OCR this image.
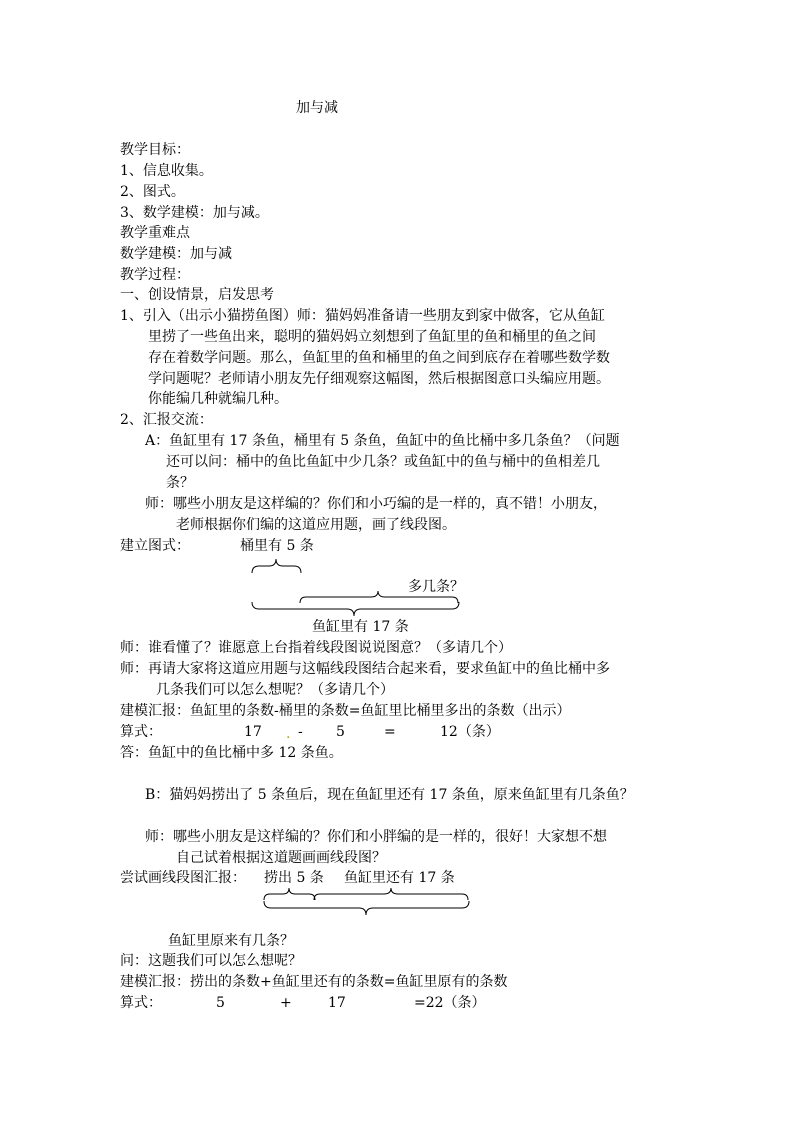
加与减
教学目标：
1、信息收集。
2、图式。
3、数学建模：加与减。
教学重难点
数学建模：加与减
教学过程：
一、创设情景，启发思考
1、引入（出示小猫捞鱼图）师：猫妈妈准备请一些朋友到家中做客，它从鱼缸
里捞了一些鱼出来，聪明的猫妈妈立刻想到了鱼缸里的鱼和桶里的鱼之间
存在着数学问题。那么，鱼缸里的鱼和桶里的鱼之间到底存在着哪些数学数
学问题呢？老师请小朋友先仔细观察这幅图，然后根据图意口头编应用题。
你能编几种就编几种。
2、汇报交流：
A：鱼缸里有 17 条鱼，桶里有 5 条鱼，鱼缸中的鱼比桶中多几条鱼？（问题
还可以问：桶中的鱼比鱼缸中少几条？或鱼缸中的鱼与桶中的鱼相差几
条？
师：哪些小朋友是这样编的？你们和小巧编的是一样的，真不错！小朋友，
老师根据你们编的这道应用题，画了线段图。
建立图式：	桶里有 5 条
多几条？
鱼缸里有 17 条
师：谁看懂了？谁愿意上台指着线段图说说图意？（多请几个）
师：再请大家将这道应用题与这幅线段图结合起来看，要求鱼缸中的鱼比桶中多
几条我们可以怎么想呢？（多请几个）
建模汇报：鱼缸里的条数-桶里的条数=鱼缸里比桶里多出的条数（出示）
算式：	17 . - 5	=	12（条）
答：鱼缸中的鱼比桶中多 12 条鱼。
B：猫妈妈捞出了 5 条鱼后，现在鱼缸里还有 17 条鱼，原来鱼缸里有几条鱼？
师：哪些小朋友是这样编的？你们和小胖编的是一样的，很好！大家想不想
自己试着根据这道题画画线段图？
尝试画线段图汇报： 捞出 5 条 鱼缸里还有 17 条
鱼缸里原来有几条？
问：这题我们可以怎么想呢？
建模汇报：捞出的条数+鱼缸里还有的条数=鱼缸里原有的条数
算式：	5	+	17	=22（条）
